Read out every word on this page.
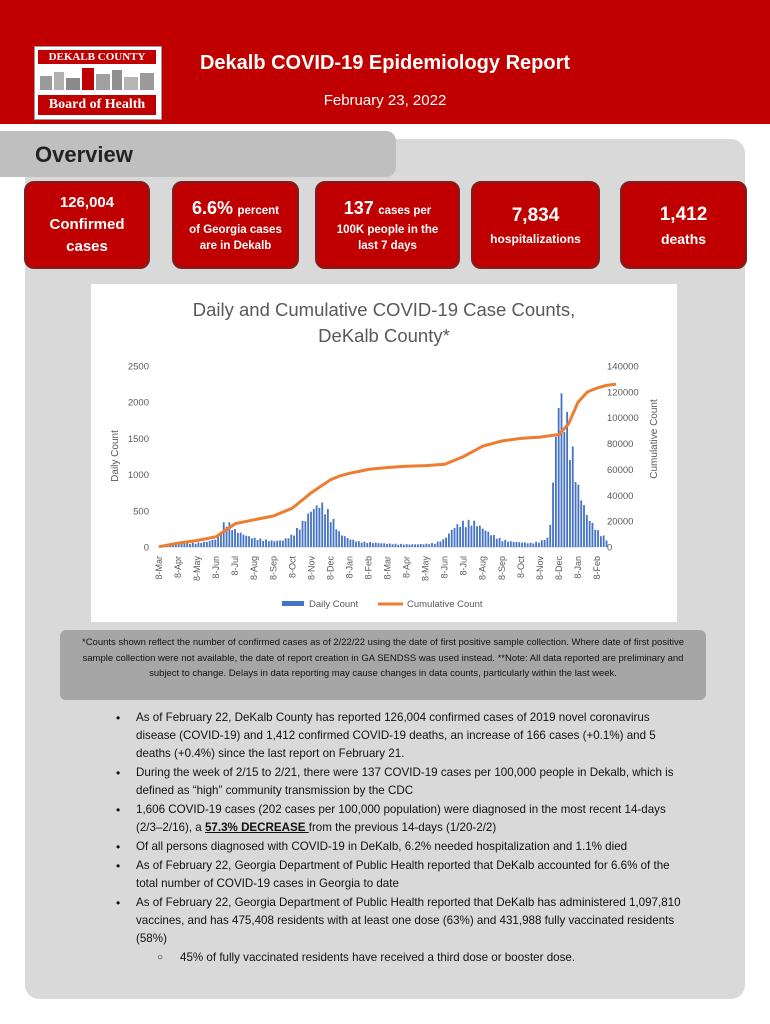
DEKALB COUNTY
Board of Health
Dekalb COVID-19 Epidemiology Report
February 23, 2022
Overview
126,004
Confirmed cases
6.6% percent
of Georgia cases are in Dekalb
137 cases per
100K people in the last 7 days
7,834
hospitalizations
1,412
deaths
Daily and Cumulative COVID-19 Case Counts,
DeKalb County*
Daily Count	Cumulative Count
0
500
1000
1500
2000
2500
0
20000
40000
60000
80000
100000
120000
140000
8-Mar 8-Apr 8-May 8-Jun 8-Jul 8-Aug 8-Sep 8-Oct 8-Nov 8-Dec 8-Jan 8-Feb 8-Mar 8-Apr 8-May 8-Jun 8-Jul 8-Aug 8-Sep 8-Oct 8-Nov 8-Dec 8-Jan 8-Feb
Daily Count	Cumulative Count
*Counts shown reflect the number of confirmed cases as of 2/22/22 using the date of first positive sample collection. Where date of first positive sample collection were not available, the date of report creation in GA SENDSS was used instead. **Note: All data reported are preliminary and subject to change. Delays in data reporting may cause changes in data counts, particularly within the last week.
• As of February 22, DeKalb County has reported 126,004 confirmed cases of 2019 novel coronavirus disease (COVID-19) and 1,412 confirmed COVID-19 deaths, an increase of 166 cases (+0.1%) and 5 deaths (+0.4%) since the last report on February 21.
• During the week of 2/15 to 2/21, there were 137 COVID-19 cases per 100,000 people in Dekalb, which is defined as “high” community transmission by the CDC
• 1,606 COVID-19 cases (202 cases per 100,000 population) were diagnosed in the most recent 14-days (2/3–2/16), a 57.3% DECREASE from the previous 14-days (1/20-2/2)
• Of all persons diagnosed with COVID-19 in DeKalb, 6.2% needed hospitalization and 1.1% died
• As of February 22, Georgia Department of Public Health reported that DeKalb accounted for 6.6% of the total number of COVID-19 cases in Georgia to date
• As of February 22, Georgia Department of Public Health reported that DeKalb has administered 1,097,810 vaccines, and has 475,408 residents with at least one dose (63%) and 431,988 fully vaccinated residents (58%)
○ 45% of fully vaccinated residents have received a third dose or booster dose.
